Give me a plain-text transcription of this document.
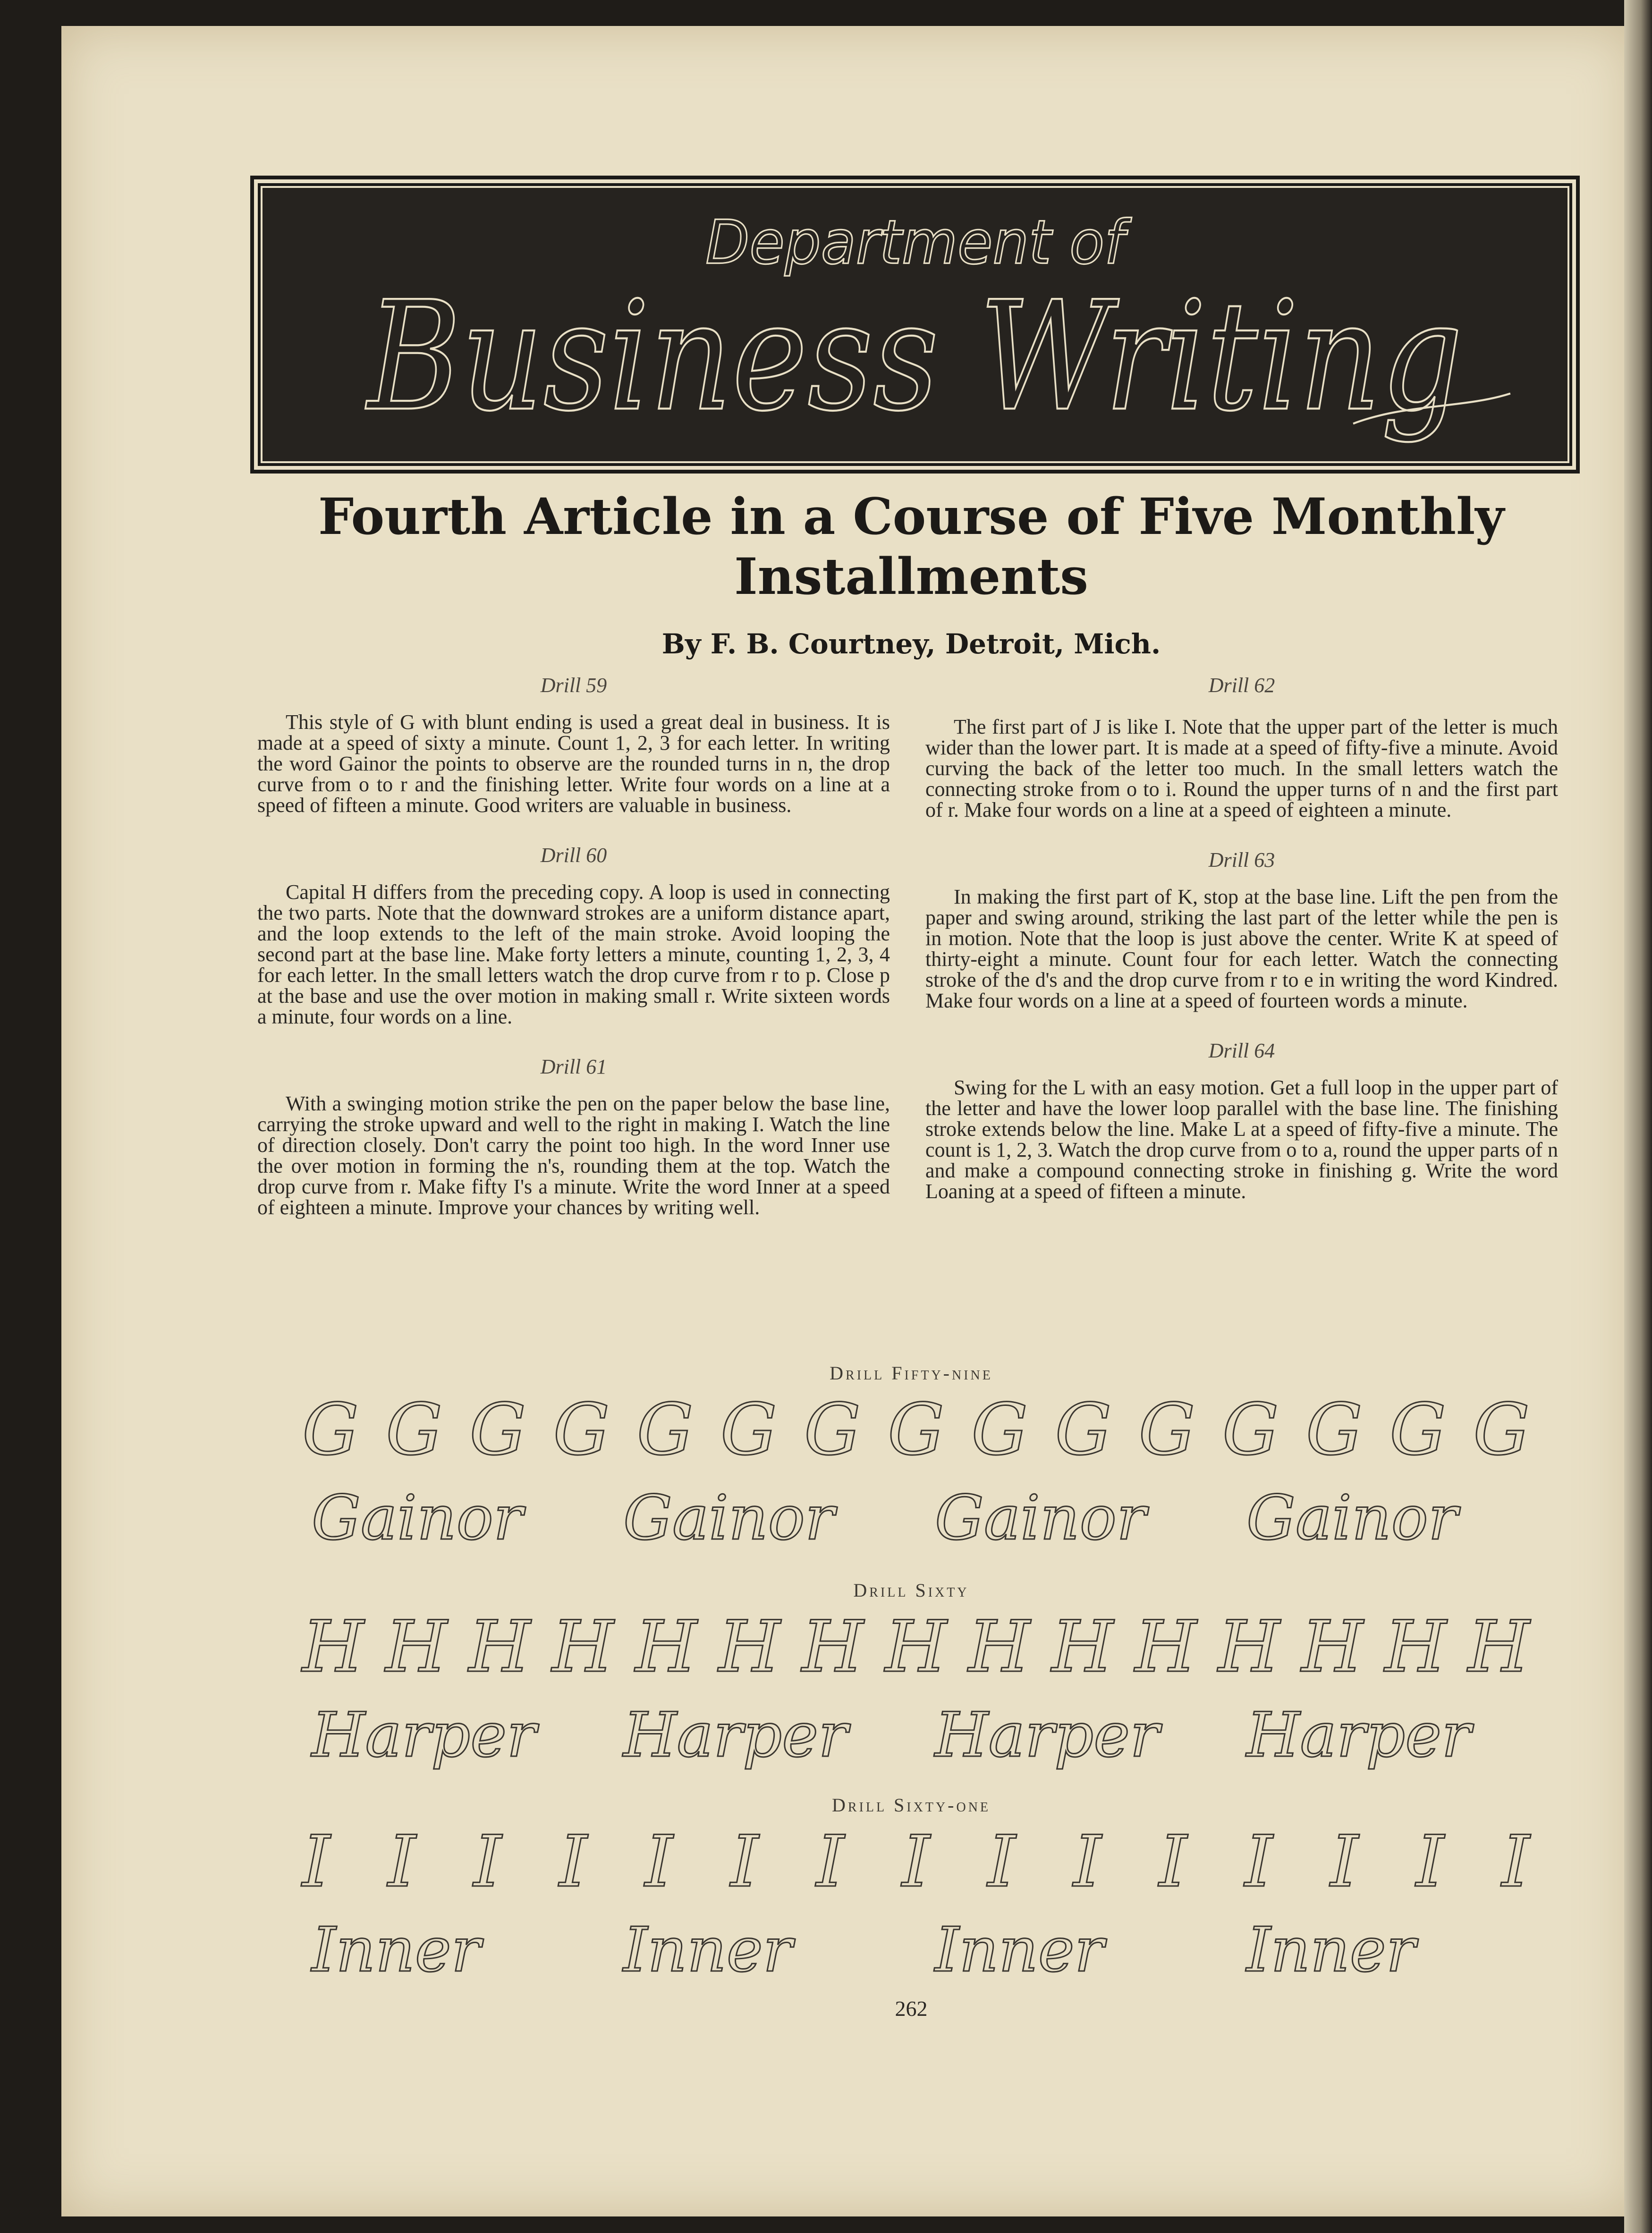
Department of
Business Writing
Fourth Article in a Course of Five Monthly Installments
By F. B. Courtney, Detroit, Mich.
Drill 59

This style of G with blunt ending is used a great deal in business. It is made at a speed of sixty a minute. Count 1, 2, 3 for each letter. In writing the word Gainor the points to observe are the rounded turns in n, the drop curve from o to r and the finishing letter. Write four words on a line at a speed of fifteen a minute. Good writers are valuable in business.

Drill 60

Capital H differs from the preceding copy. A loop is used in connecting the two parts. Note that the downward strokes are a uniform distance apart, and the loop extends to the left of the main stroke. Avoid looping the second part at the base line. Make forty letters a minute, counting 1, 2, 3, 4 for each letter. In the small letters watch the drop curve from r to p. Close p at the base and use the over motion in making small r. Write sixteen words a minute, four words on a line.

Drill 61

With a swinging motion strike the pen on the paper below the base line, carrying the stroke upward and well to the right in making I. Watch the line of direction closely. Don't carry the point too high. In the word Inner use the over motion in forming the n's, rounding them at the top. Watch the drop curve from r. Make fifty I's a minute. Write the word Inner at a speed of eighteen a minute. Improve your chances by writing well.

Drill 62

The first part of J is like I. Note that the upper part of the letter is much wider than the lower part. It is made at a speed of fifty-five a minute. Avoid curving the back of the letter too much. In the small letters watch the connecting stroke from o to i. Round the upper turns of n and the first part of r. Make four words on a line at a speed of eighteen a minute.

Drill 63

In making the first part of K, stop at the base line. Lift the pen from the paper and swing around, striking the last part of the letter while the pen is in motion. Note that the loop is just above the center. Write K at speed of thirty-eight a minute. Count four for each letter. Watch the connecting stroke of the d's and the drop curve from r to e in writing the word Kindred. Make four words on a line at a speed of fourteen words a minute.

Drill 64

Swing for the L with an easy motion. Get a full loop in the upper part of the letter and have the lower loop parallel with the base line. The finishing stroke extends below the line. Make L at a speed of fifty-five a minute. The count is 1, 2, 3. Watch the drop curve from o to a, round the upper parts of n and make a compound connecting stroke in finishing g. Write the word Loaning at a speed of fifteen a minute.

Drill Fifty-nine
G G G G G G G G G G G G G G G
Gainor Gainor Gainor Gainor
Drill Sixty
H H H H H H H H H H H H H H H
Harper Harper Harper Harper
Drill Sixty-one
I I I I I I I I I I I I I I I
Inner Inner Inner Inner
262
